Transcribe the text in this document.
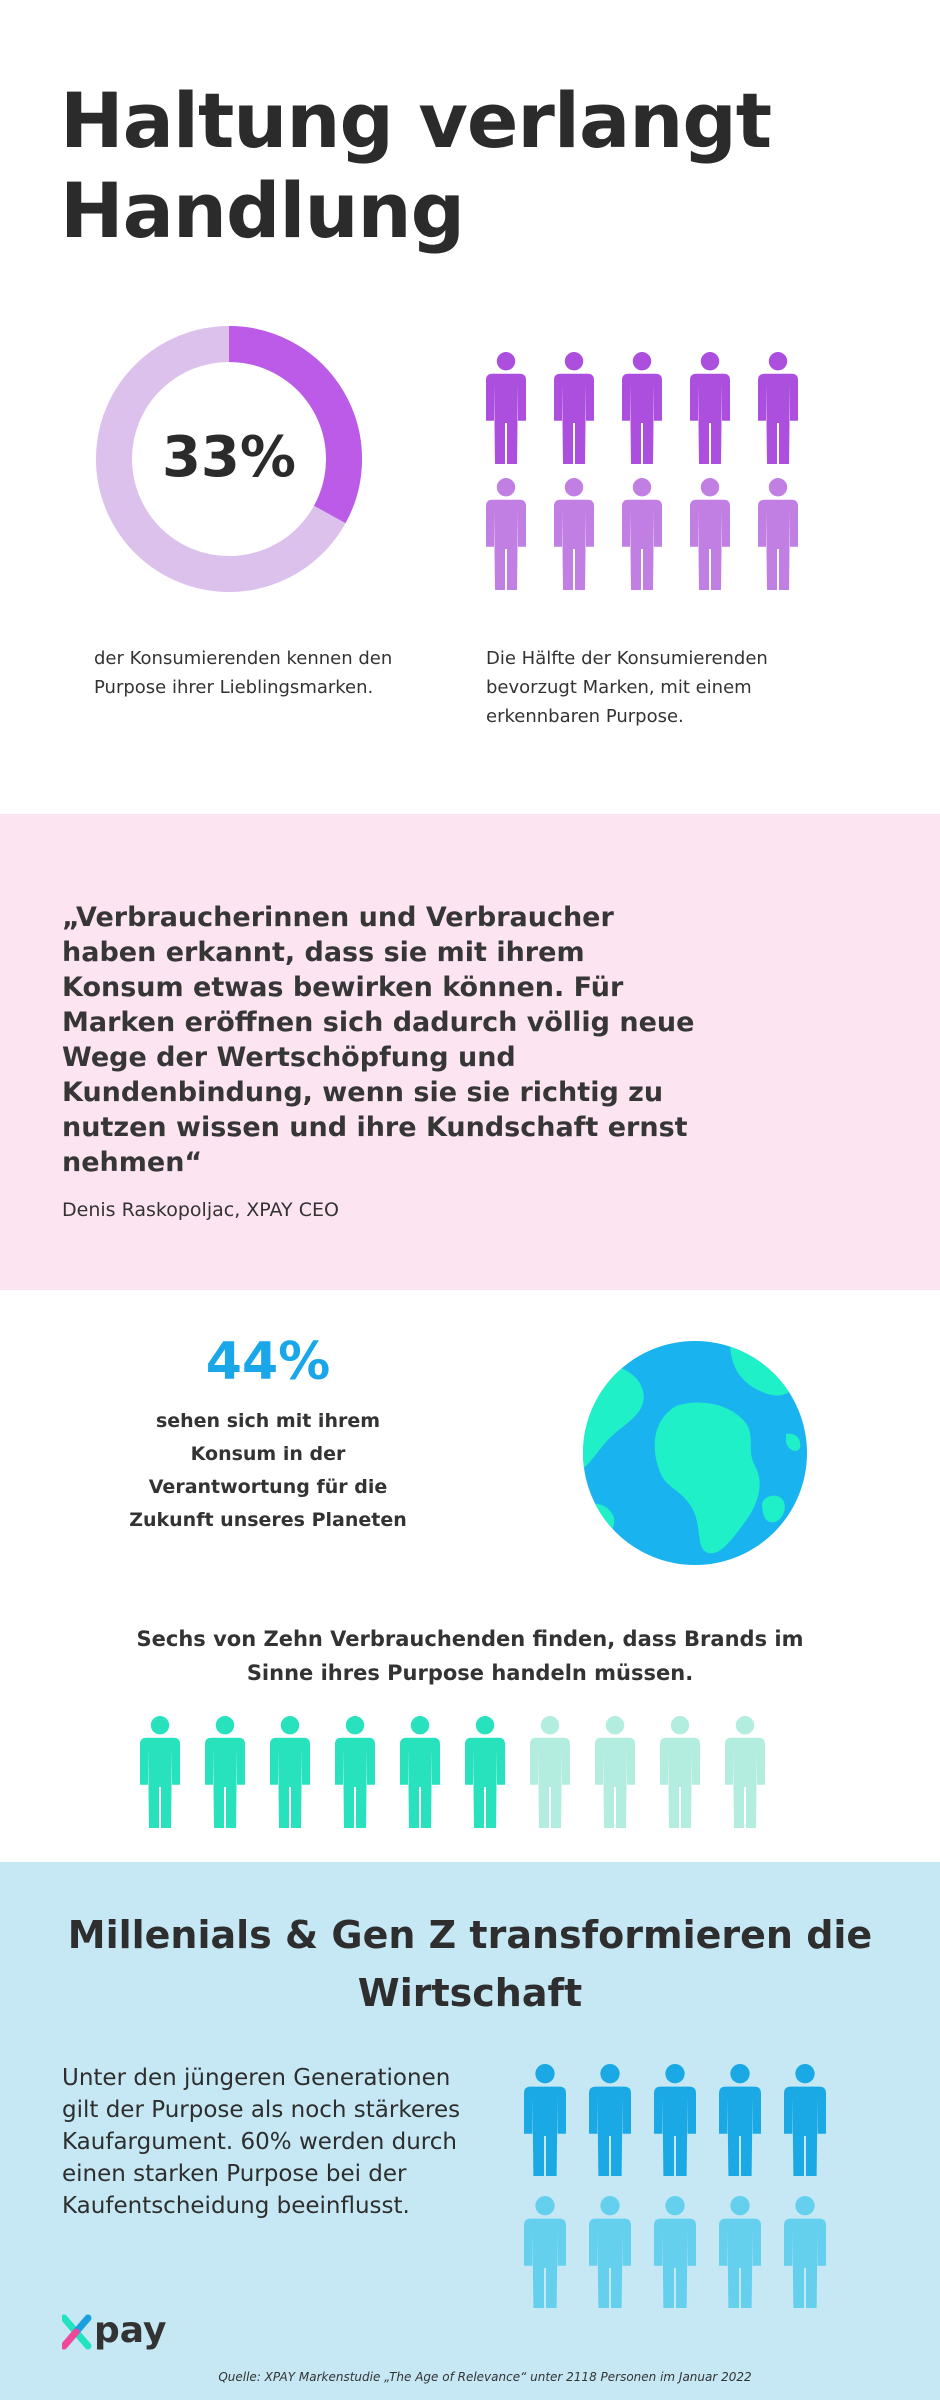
Haltung verlangt Handlung
33%
der Konsumierenden kennen den Purpose ihrer Lieblingsmarken.
Die Hälfte der Konsumierenden bevorzugt Marken, mit einem erkennbaren Purpose.
„Verbraucherinnen und Verbraucher haben erkannt, dass sie mit ihrem Konsum etwas bewirken können. Für Marken eröffnen sich dadurch völlig neue Wege der Wertschöpfung und Kundenbindung, wenn sie sie richtig zu nutzen wissen und ihre Kundschaft ernst nehmen“
Denis Raskopoljac, XPAY CEO
44%
sehen sich mit ihrem Konsum in der Verantwortung für die Zukunft unseres Planeten
Sechs von Zehn Verbrauchenden finden, dass Brands im Sinne ihres Purpose handeln müssen.
Millenials & Gen Z transformieren die Wirtschaft
Unter den jüngeren Generationen gilt der Purpose als noch stärkeres Kaufargument. 60% werden durch einen starken Purpose bei der Kaufentscheidung beeinflusst.
pay
Quelle: XPAY Markenstudie „The Age of Relevance“ unter 2118 Personen im Januar 2022
